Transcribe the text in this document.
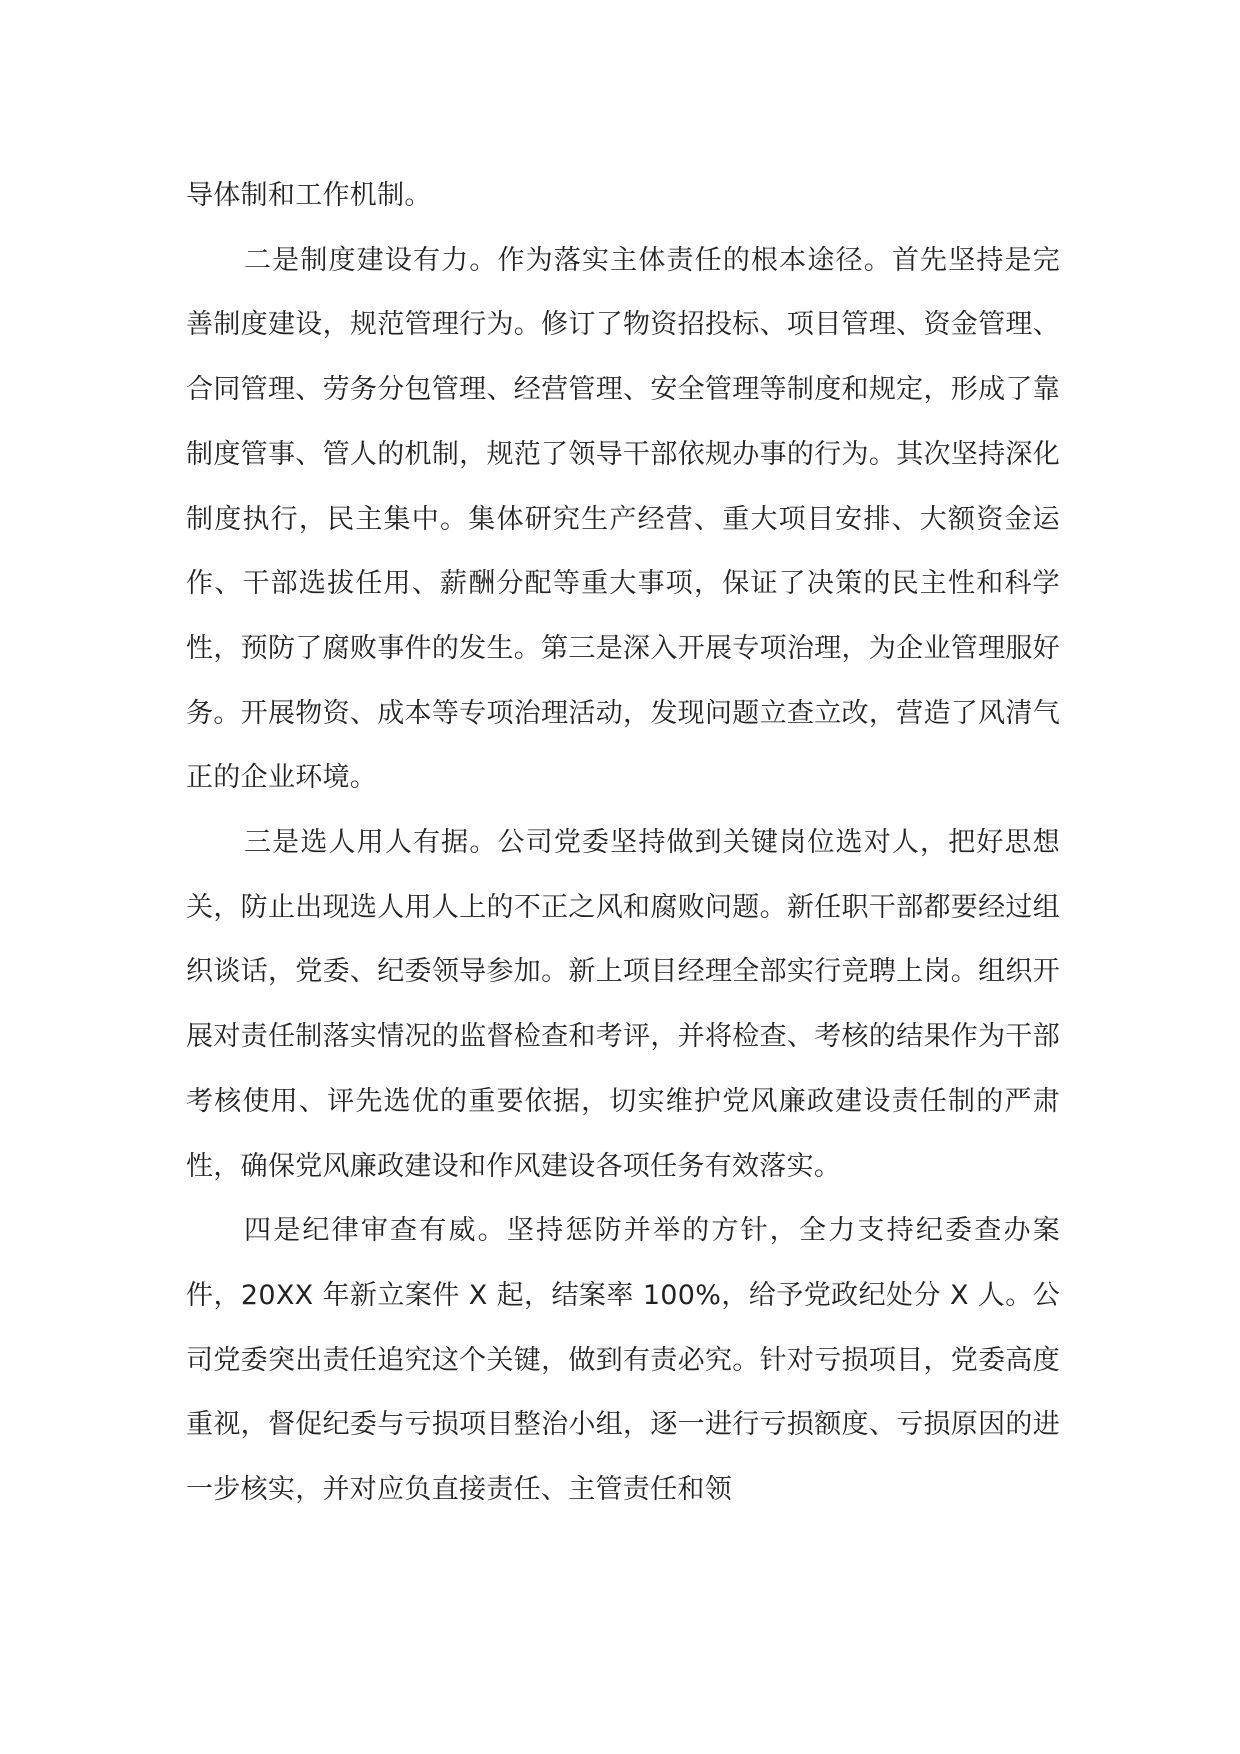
导体制和工作机制。

二是制度建设有力。作为落实主体责任的根本途径。首先坚持是完善制度建设，规范管理行为。修订了物资招投标、项目管理、资金管理、合同管理、劳务分包管理、经营管理、安全管理等制度和规定，形成了靠制度管事、管人的机制，规范了领导干部依规办事的行为。其次坚持深化制度执行，民主集中。集体研究生产经营、重大项目安排、大额资金运作、干部选拔任用、薪酬分配等重大事项，保证了决策的民主性和科学性，预防了腐败事件的发生。第三是深入开展专项治理，为企业管理服好务。开展物资、成本等专项治理活动，发现问题立查立改，营造了风清气正的企业环境。

三是选人用人有据。公司党委坚持做到关键岗位选对人，把好思想关，防止出现选人用人上的不正之风和腐败问题。新任职干部都要经过组织谈话，党委、纪委领导参加。新上项目经理全部实行竞聘上岗。组织开展对责任制落实情况的监督检查和考评，并将检查、考核的结果作为干部考核使用、评先选优的重要依据，切实维护党风廉政建设责任制的严肃性，确保党风廉政建设和作风建设各项任务有效落实。

四是纪律审查有威。坚持惩防并举的方针，全力支持纪委查办案件，20XX 年新立案件 X 起，结案率 100%，给予党政纪处分 X 人。公司党委突出责任追究这个关键，做到有责必究。针对亏损项目，党委高度重视，督促纪委与亏损项目整治小组，逐一进行亏损额度、亏损原因的进一步核实，并对应负直接责任、主管责任和领
